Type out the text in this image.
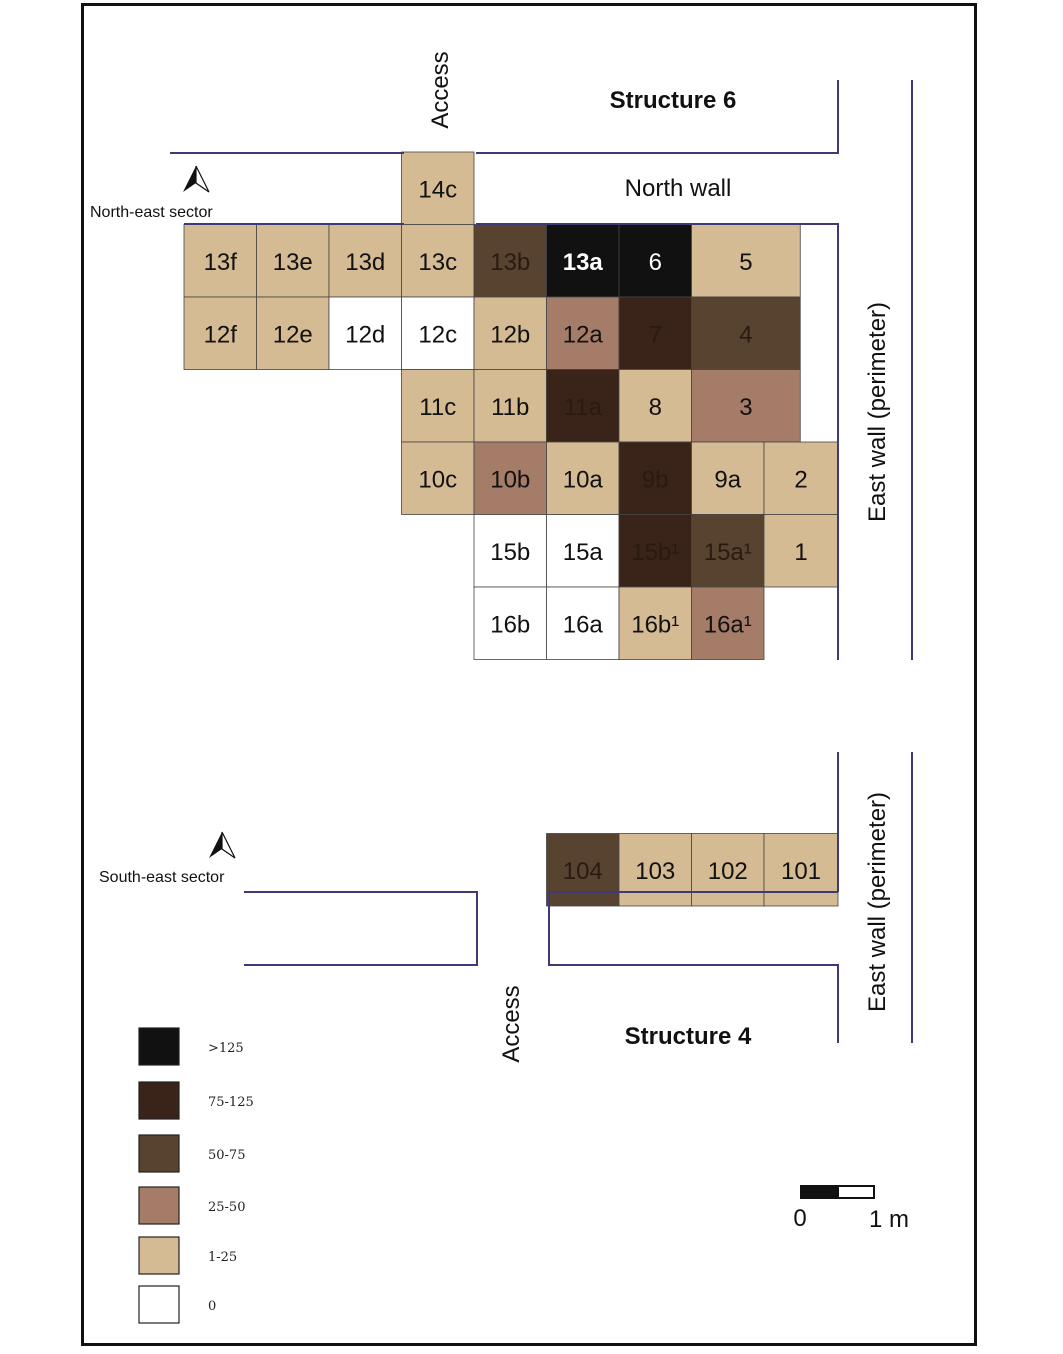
14c
13f 13e 13d 13c 13b 13a 6	5
12f 12e 12d 12c 12b 12a 7	4
11c 11b 11a 8	3
10c 10b 10a 9b 9a 2
15b 15a 15b¹ 15a¹ 1
16b 16a 16b¹ 16a¹
104 103 102 101
Structure 6
North wall
Access
East wall (perimeter)
East wall (perimeter)
Access	Structure 4
North-east sector
South-east sector
>125
75-125
50-75
25-50
1-25
0
0	1 m
